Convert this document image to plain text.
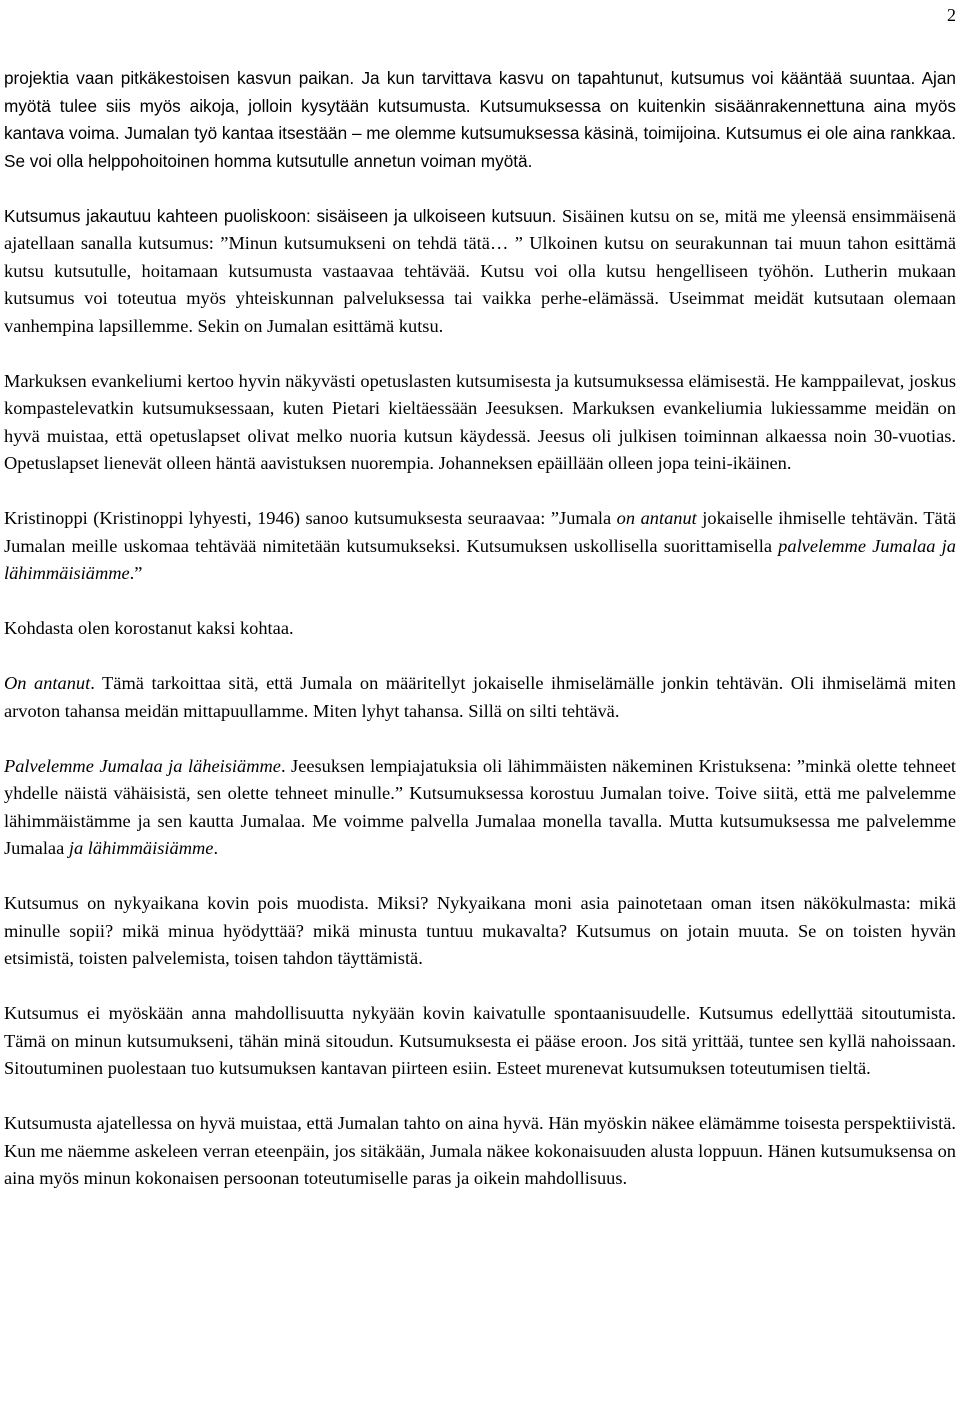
2

projektia vaan pitkäkestoisen kasvun paikan. Ja kun tarvittava kasvu on tapahtunut, kutsumus voi kääntää suuntaa. Ajan myötä tulee siis myös aikoja, jolloin kysytään kutsumusta. Kutsumuksessa on kuitenkin sisäänrakennettuna aina myös kantava voima. Jumalan työ kantaa itsestään – me olemme kutsumuksessa käsinä, toimijoina. Kutsumus ei ole aina rankkaa. Se voi olla helppohoitoinen homma kutsutulle annetun voiman myötä.

Kutsumus jakautuu kahteen puoliskoon: sisäiseen ja ulkoiseen kutsuun. Sisäinen kutsu on se, mitä me yleensä ensimmäisenä ajatellaan sanalla kutsumus: ”Minun kutsumukseni on tehdä tätä… ” Ulkoinen kutsu on seurakunnan tai muun tahon esittämä kutsu kutsutulle, hoitamaan kutsumusta vastaavaa tehtävää. Kutsu voi olla kutsu hengelliseen työhön. Lutherin mukaan kutsumus voi toteutua myös yhteiskunnan palveluksessa tai vaikka perhe-elämässä. Useimmat meidät kutsutaan olemaan vanhempina lapsillemme. Sekin on Jumalan esittämä kutsu.

Markuksen evankeliumi kertoo hyvin näkyvästi opetuslasten kutsumisesta ja kutsumuksessa elämisestä. He kamppailevat, joskus kompastelevatkin kutsumuksessaan, kuten Pietari kieltäessään Jeesuksen. Markuksen evankeliumia lukiessamme meidän on hyvä muistaa, että opetuslapset olivat melko nuoria kutsun käydessä. Jeesus oli julkisen toiminnan alkaessa noin 30-vuotias. Opetuslapset lienevät olleen häntä aavistuksen nuorempia. Johanneksen epäillään olleen jopa teini-ikäinen.

Kristinoppi (Kristinoppi lyhyesti, 1946) sanoo kutsumuksesta seuraavaa: ”Jumala on antanut jokaiselle ihmiselle tehtävän. Tätä Jumalan meille uskomaa tehtävää nimitetään kutsumukseksi. Kutsumuksen uskollisella suorittamisella palvelemme Jumalaa ja lähimmäisiämme.”

Kohdasta olen korostanut kaksi kohtaa.

On antanut. Tämä tarkoittaa sitä, että Jumala on määritellyt jokaiselle ihmiselämälle jonkin tehtävän. Oli ihmiselämä miten arvoton tahansa meidän mittapuullamme. Miten lyhyt tahansa. Sillä on silti tehtävä.

Palvelemme Jumalaa ja läheisiämme. Jeesuksen lempiajatuksia oli lähimmäisten näkeminen Kristuksena: ”minkä olette tehneet yhdelle näistä vähäisistä, sen olette tehneet minulle.” Kutsumuksessa korostuu Jumalan toive. Toive siitä, että me palvelemme lähimmäistämme ja sen kautta Jumalaa. Me voimme palvella Jumalaa monella tavalla. Mutta kutsumuksessa me palvelemme Jumalaa ja lähimmäisiämme.

Kutsumus on nykyaikana kovin pois muodista. Miksi? Nykyaikana moni asia painotetaan oman itsen näkökulmasta: mikä minulle sopii? mikä minua hyödyttää? mikä minusta tuntuu mukavalta? Kutsumus on jotain muuta. Se on toisten hyvän etsimistä, toisten palvelemista, toisen tahdon täyttämistä.

Kutsumus ei myöskään anna mahdollisuutta nykyään kovin kaivatulle spontaanisuudelle. Kutsumus edellyttää sitoutumista. Tämä on minun kutsumukseni, tähän minä sitoudun. Kutsumuksesta ei pääse eroon. Jos sitä yrittää, tuntee sen kyllä nahoissaan. Sitoutuminen puolestaan tuo kutsumuksen kantavan piirteen esiin. Esteet murenevat kutsumuksen toteutumisen tieltä.

Kutsumusta ajatellessa on hyvä muistaa, että Jumalan tahto on aina hyvä. Hän myöskin näkee elämämme toisesta perspektiivistä. Kun me näemme askeleen verran eteenpäin, jos sitäkään, Jumala näkee kokonaisuuden alusta loppuun. Hänen kutsumuksensa on aina myös minun kokonaisen persoonan toteutumiselle paras ja oikein mahdollisuus.
